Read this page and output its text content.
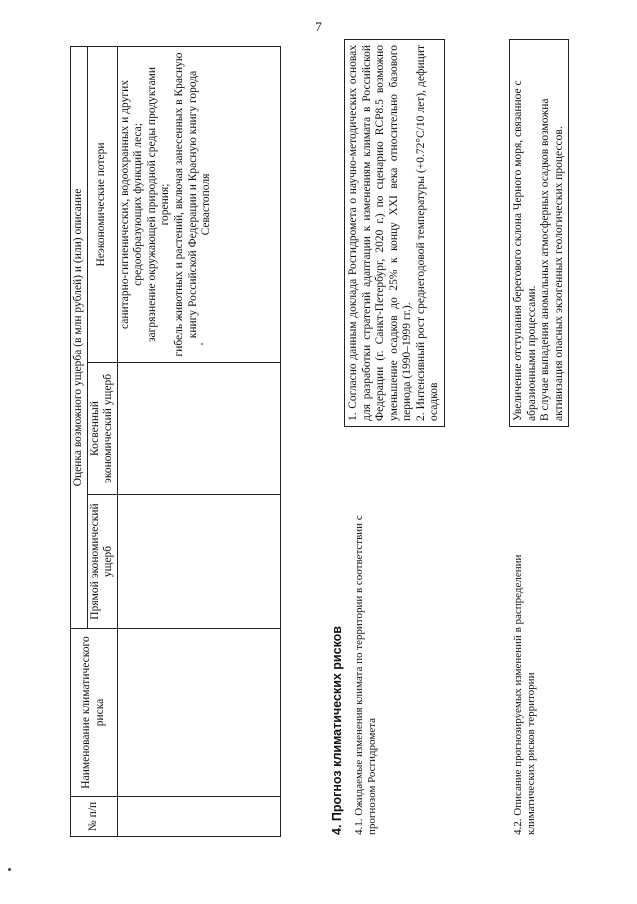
7
№ п/п	Наименование климатического риска	Оценка возможного ущерба (в млн рублей) и (или) описание		
		Прямой экономический ущерб	Косвенный экономический ущерб	Неэкономические потери

				санитарно-гигиенических, водоохранных и других средообразующих функций леса; загрязнение окружающей природной среды продуктами горения; гибель животных и растений, включая занесенных в Красную книгу Российской Федерации и Красную книгу города Севастополя

4. Прогноз климатических рисков 4.1. Ожидаемые изменения климата по территории в соответствии с прогнозом Росгидромета

1. Согласно данным доклада Росгидромета о научно-методических основах для разработки стратегий адаптации к изменениям климата в Российской Федерации (г. Санкт-Петербург, 2020 г.) по сценарию RCP8.5 возможно уменьшение осадков до 25% к концу XXI века относительно базового периода (1990–1999 гг.). 2. Интенсивный рост среднегодовой температуры (+0.72°C/10 лет), дефицит осадков

4.2. Описание прогнозируемых изменений в распределении климатических рисков территории

Увеличение отступания берегового склона Черного моря, связанное с абразионными процессами. В случае выпадения аномальных атмосферных осадков возможна активизация опасных экзогенных геологических процессов.
